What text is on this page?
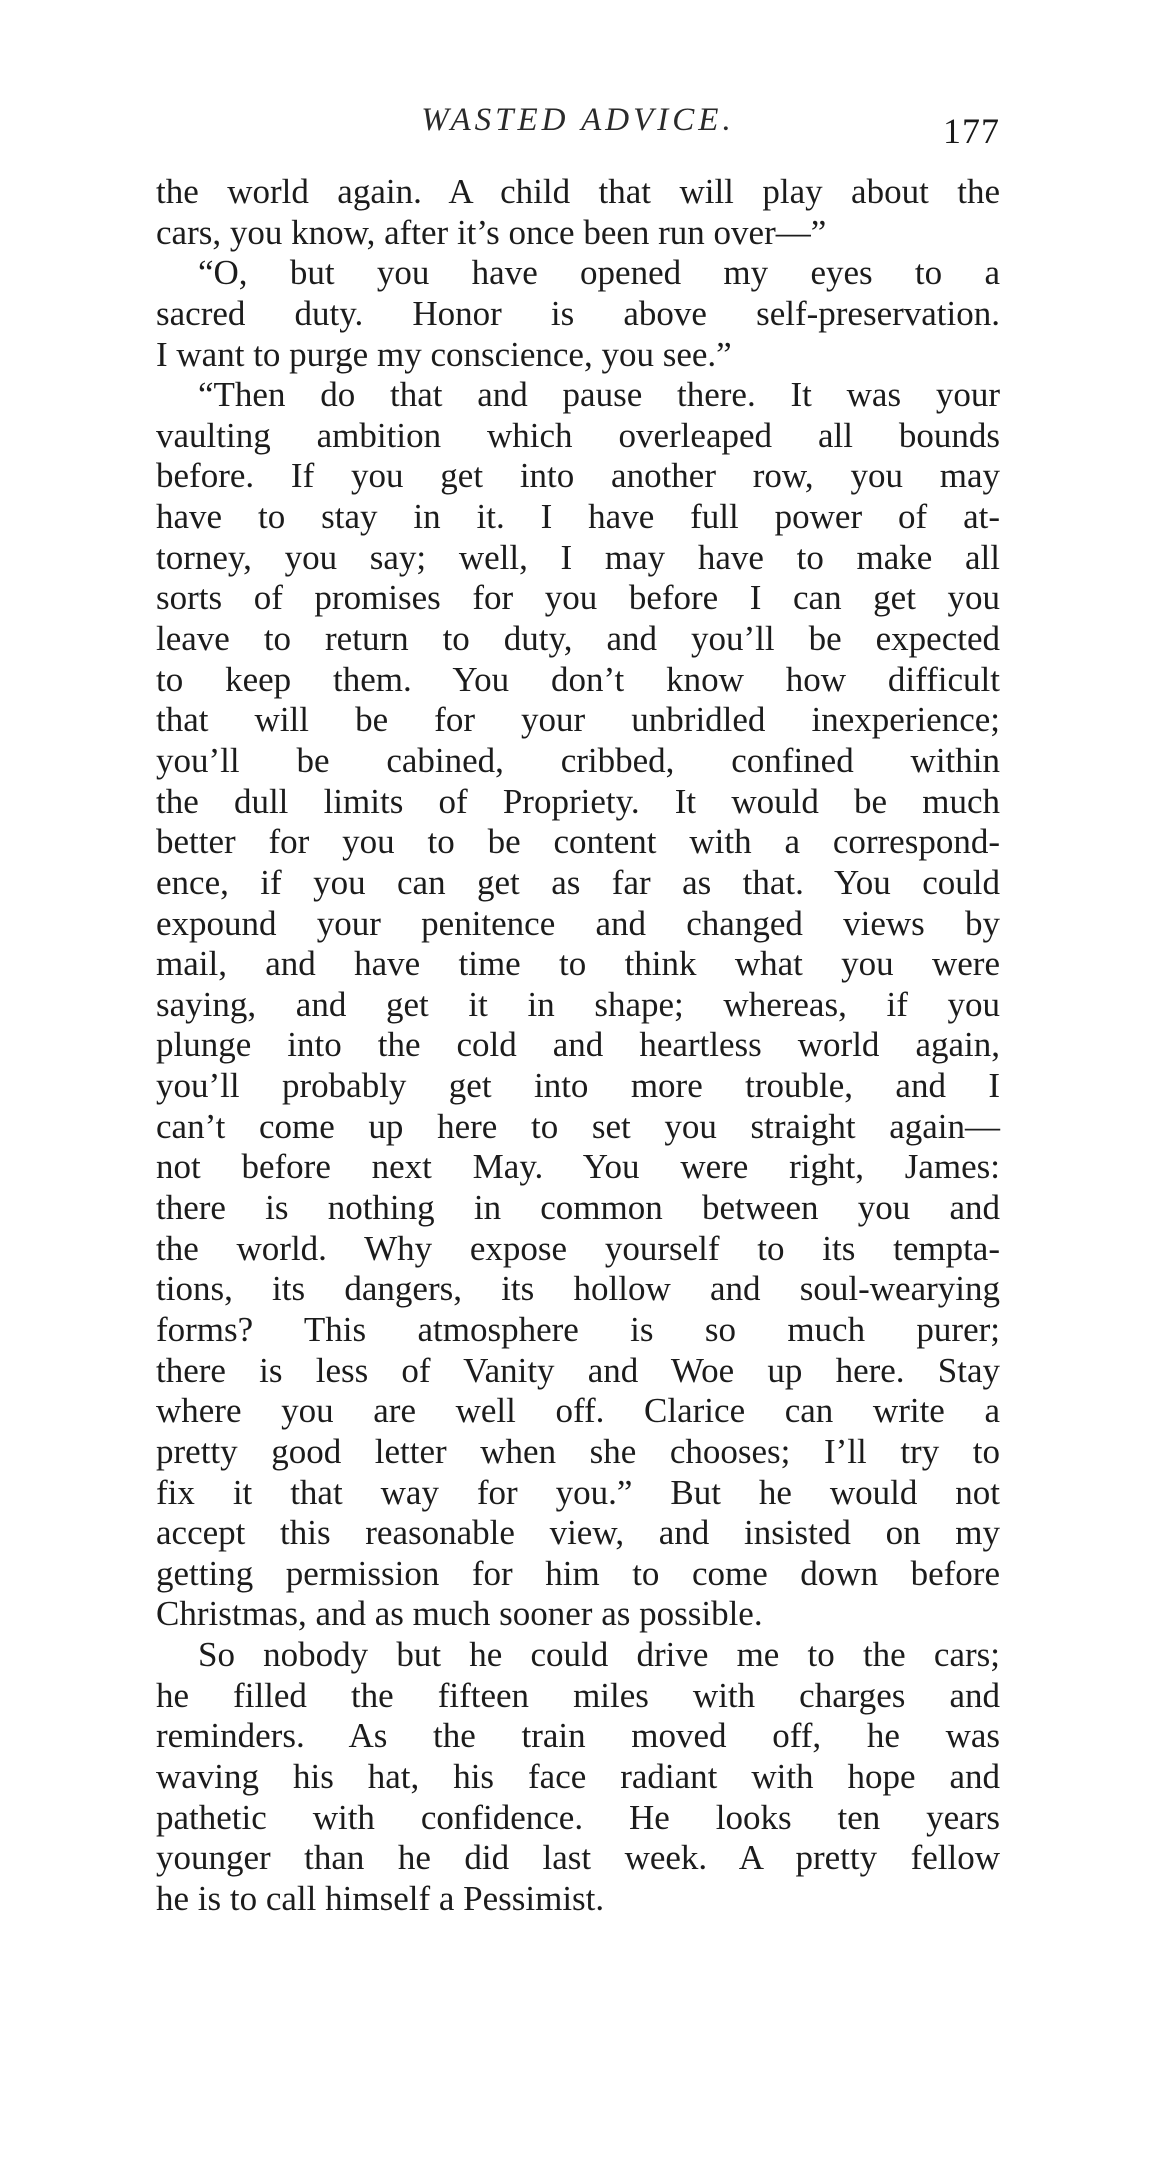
WASTED ADVICE.	177
the world again. A child that will play about the
cars, you know, after it’s once been run over—”
“O, but you have opened my eyes to a
sacred duty. Honor is above self-preservation.
I want to purge my conscience, you see.”
“Then do that and pause there. It was your
vaulting ambition which overleaped all bounds
before. If you get into another row, you may
have to stay in it. I have full power of at-
torney, you say; well, I may have to make all
sorts of promises for you before I can get you
leave to return to duty, and you’ll be expected
to keep them. You don’t know how difficult
that will be for your unbridled inexperience;
you’ll be cabined, cribbed, confined within
the dull limits of Propriety. It would be much
better for you to be content with a correspond-
ence, if you can get as far as that. You could
expound your penitence and changed views by
mail, and have time to think what you were
saying, and get it in shape; whereas, if you
plunge into the cold and heartless world again,
you’ll probably get into more trouble, and I
can’t come up here to set you straight again—
not before next May. You were right, James:
there is nothing in common between you and
the world. Why expose yourself to its tempta-
tions, its dangers, its hollow and soul-wearying
forms? This atmosphere is so much purer;
there is less of Vanity and Woe up here. Stay
where you are well off. Clarice can write a
pretty good letter when she chooses; I’ll try to
fix it that way for you.” But he would not
accept this reasonable view, and insisted on my
getting permission for him to come down before
Christmas, and as much sooner as possible.
So nobody but he could drive me to the cars;
he filled the fifteen miles with charges and
reminders. As the train moved off, he was
waving his hat, his face radiant with hope and
pathetic with confidence. He looks ten years
younger than he did last week. A pretty fellow
he is to call himself a Pessimist.
